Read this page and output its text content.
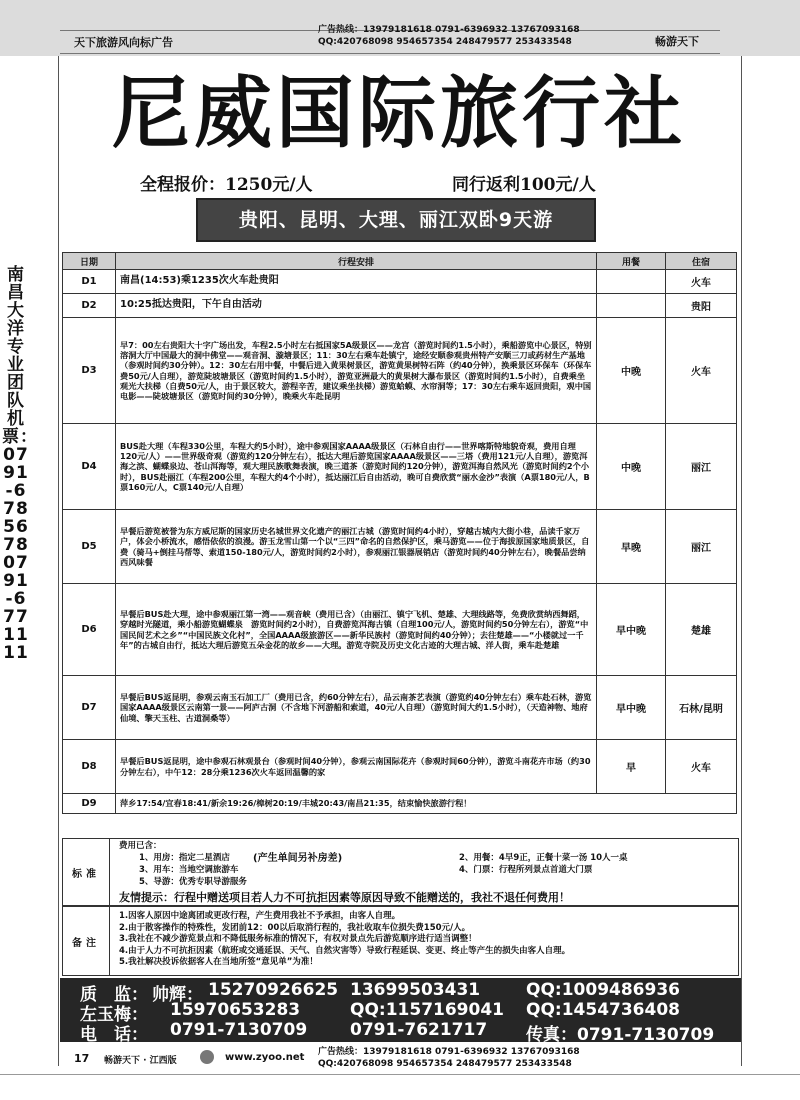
天下旅游风向标广告
广告热线：13979181618 0791-6396932 13767093168
QQ:420768098 954657354 248479577 253433548	畅游天下
南昌大洋专业团队机票：0791-6785678 0791-6771111
尼威国际旅行社
全程报价：1250元/人	同行返利100元/人
贵阳、昆明、大理、丽江双卧9天游
日期	行程安排	用餐	住宿
D1	南昌(14:53)乘1235次火车赴贵阳		火车
D2	10:25抵达贵阳，下午自由活动		贵阳
D3	早7：00左右贵阳大十字广场出发，车程2.5小时左右抵国家5A级景区——龙宫（游览时间约1.5小时），乘船游览中心景区，特别溶洞大厅中国最大的洞中佛堂——观音洞、漩塘景区；11：30左右乘车赴镇宁，途经安顺参观贵州特产安顺三刀或药材生产基地（参观时间约30分钟）。12：30左右用中餐，中餐后进入黄果树景区，游览黄果树特石阵（约40分钟），换乘景区环保车（环保车费50元/人自理），游览陡坡塘景区（游览时间约1.5小时），游览亚洲最大的黄果树大瀑布景区（游览时间约1.5小时），自费乘坐观光大扶梯（自费50元/人，由于景区较大，游程辛苦，建议乘坐扶梯）游览蛤蟆、水帘洞等；17：30左右乘车返回贵阳，观中国电影——陡坡塘景区（游览时间约30分钟），晚乘火车赴昆明	中晚	火车
D4	BUS赴大理（车程330公里，车程大约5小时），途中参观国家AAAA级景区（石林自由行——世界喀斯特地貌奇观，费用自理120元/人）——世界级奇观（游览约120分钟左右），抵达大理后游览国家AAAA级景区——三塔（费用121元/人自理），游览洱海之滨、蝴蝶泉边、苍山洱海等，观大理民族歌舞表演，晚三道茶（游览时间约120分钟），游览洱海自然风光（游览时间约2个小时），BUS赴丽江（车程200公里，车程大约4个小时），抵达丽江后自由活动，晚可自费欣赏“丽水金沙”表演（A票180元/人，B票160元/人，C票140元/人自理）	中晚	丽江
D5	早餐后游览被誉为东方威尼斯的国家历史名城世界文化遗产的丽江古城（游览时间约4小时），穿越古城内大街小巷，品读千家万户，体会小桥流水，感悟依依的浪漫。游玉龙雪山第一个以“三四”命名的自然保护区，乘马游览——位于海拔原国家地质景区，自费（骑马+倒挂马帮等、索道150-180元/人，游览时间约2小时），参观丽江银器展销店（游览时间约40分钟左右），晚餐品尝纳西风味餐	早晚	丽江
D6	早餐后BUS赴大理，途中参观丽江第一湾——观音峡（费用已含）（由丽江、镇宁飞机、楚雄、大理线路等，免费欣赏纳西舞蹈，穿越时光隧道，乘小船游览蝴蝶泉　游览时间约2小时），自费游览洱海古镇（自理100元/人，游览时间约50分钟左右），游览“中国民间艺术之乡”“中国民族文化村”，全国AAAA级旅游区——新华民族村（游览时间约40分钟）；去往楚雄——“小楼就过一千年”的古城自由行，抵达大理后游览五朵金花的故乡——大理。游览寺院及历史文化古迹的大理古城、洋人街，乘车赴楚雄	早中晚	楚雄
D7	早餐后BUS返昆明，参观云南玉石加工厂（费用已含，约60分钟左右），品云南茶艺表演（游览约40分钟左右）乘车赴石林，游览国家AAAA级景区云南第一景——阿庐古洞（不含地下河游船和索道，40元/人自理）（游览时间大约1.5小时），（天造神物、地府仙境、擎天玉柱、古道洞桑等）	早中晚	石林/昆明
D8	早餐后BUS返昆明，途中参观石林观景台（参观时间40分钟），参观云南国际花卉（参观时间60分钟），游览斗南花卉市场（约30分钟左右），中午12：28分乘1236次火车返回温馨的家	早	火车
D9	萍乡17:54/宜春18:41/新余19:26/樟树20:19/丰城20:43/南昌21:35，结束愉快旅游行程！		
标准
费用已含：
1、用房：指定二星酒店 (产生单间另补房差)	2、用餐：4早9正，正餐十菜一汤 10人一桌
3、用车：当地空调旅游车	4、门票：行程所列景点首道大门票
5、导游：优秀专职导游服务
友情提示：行程中赠送项目若人力不可抗拒因素等原因导致不能赠送的，我社不退任何费用！
备注
1.因客人原因中途离团或更改行程，产生费用我社不予承担，由客人自理。
2.由于散客操作的特殊性，发团前12：00以后取消行程的，我社收取车位损失费150元/人。
3.我社在不减少游览景点和不降低服务标准的情况下，有权对景点先后游览顺序进行适当调整！
4.由于人力不可抗拒因素（航班或交通延误、天气、自然灾害等）导致行程延误、变更、终止等产生的损失由客人自理。
5.我社解决投诉依据客人在当地所签“意见单”为准！
质　监： 帅辉： 15270926625 13699503431	QQ:1009486936
左玉梅： 15970653283	QQ:1157169041 QQ:1454736408
电　话： 0791-7130709	0791-7621717 传真：0791-7130709
17 畅游天下 · 江西版	www.zyoo.net 广告热线：13979181618 0791-6396932 13767093168
QQ:420768098 954657354 248479577 253433548
